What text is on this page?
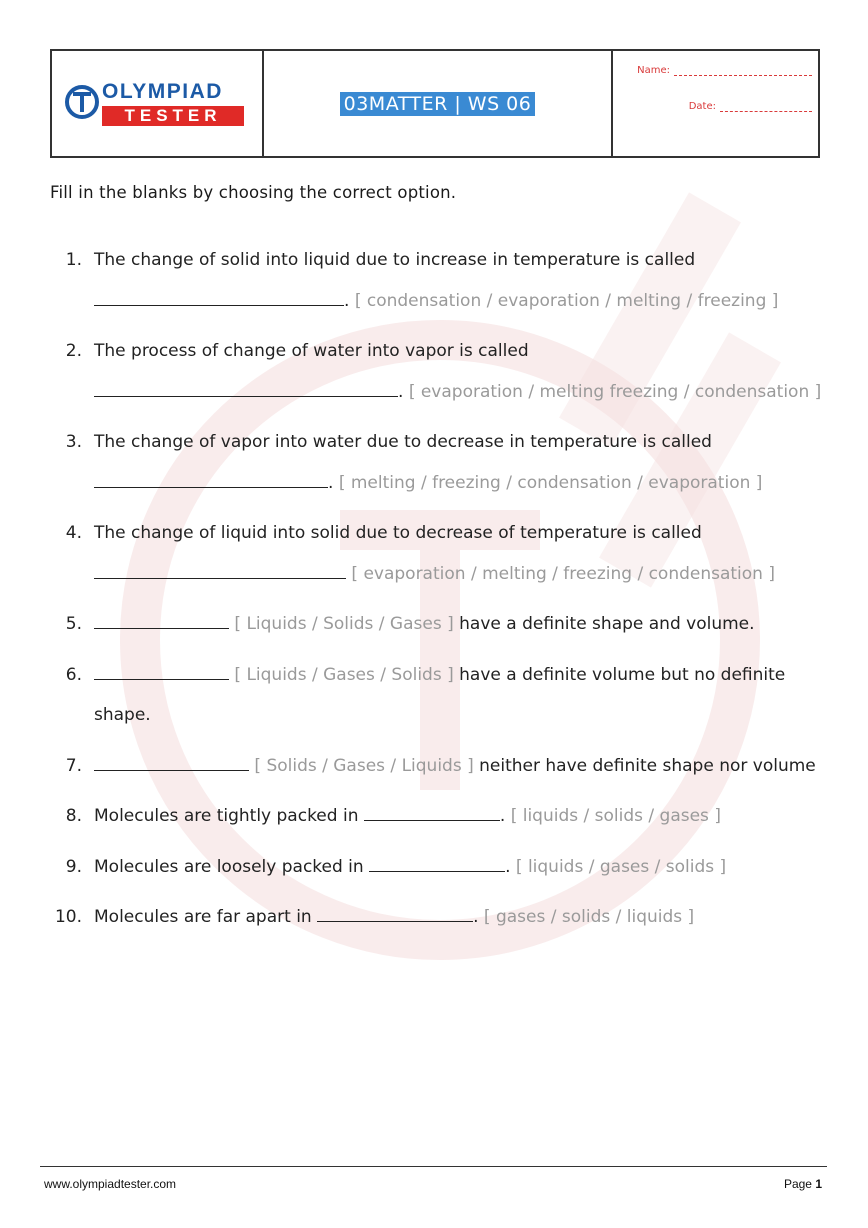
OLYMPIAD
TESTER
03MATTER | WS 06
Name:
Date:
Fill in the blanks by choosing the correct option.
1. The change of solid into liquid due to increase in temperature is called
. [ condensation / evaporation / melting / freezing ]
2. The process of change of water into vapor is called
. [ evaporation / melting freezing / condensation ]
3. The change of vapor into water due to decrease in temperature is called
. [ melting / freezing / condensation / evaporation ]
4. The change of liquid into solid due to decrease of temperature is called
[ evaporation / melting / freezing / condensation ]
5.	[ Liquids / Solids / Gases ] have a definite shape and volume.
6.	[ Liquids / Gases / Solids ] have a definite volume but no definite shape.
7.	[ Solids / Gases / Liquids ] neither have definite shape nor volume
8. Molecules are tightly packed in	. [ liquids / solids / gases ]
9. Molecules are loosely packed in	. [ liquids / gases / solids ]
10. Molecules are far apart in	. [ gases / solids / liquids ]
www.olympiadtester.com	Page 1
